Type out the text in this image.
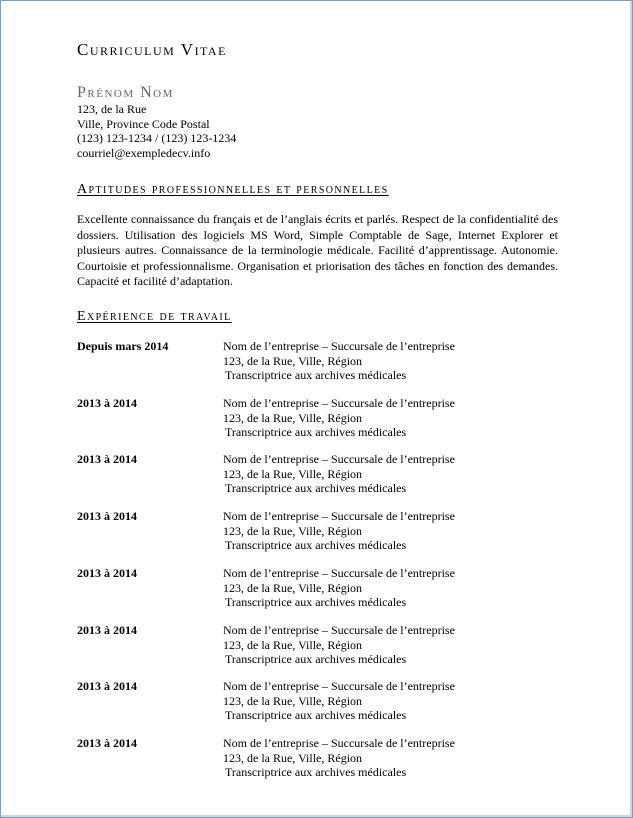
Curriculum Vitae
Prénom Nom
123, de la Rue
Ville, Province Code Postal
(123) 123-1234 / (123) 123-1234
courriel@exempledecv.info
Aptitudes professionnelles et personnelles
Excellente connaissance du français et de l’anglais écrits et parlés. Respect de la confidentialité des dossiers. Utilisation des logiciels MS Word, Simple Comptable de Sage, Internet Explorer et plusieurs autres. Connaissance de la terminologie médicale. Facilité d’apprentissage. Autonomie. Courtoisie et professionnalisme. Organisation et priorisation des tâches en fonction des demandes. Capacité et facilité d’adaptation.
Expérience de travail
Depuis mars 2014	Nom de l’entreprise – Succursale de l’entreprise
123, de la Rue, Ville, Région
Transcriptrice aux archives médicales
2013 à 2014	Nom de l’entreprise – Succursale de l’entreprise
123, de la Rue, Ville, Région
Transcriptrice aux archives médicales
2013 à 2014	Nom de l’entreprise – Succursale de l’entreprise
123, de la Rue, Ville, Région
Transcriptrice aux archives médicales
2013 à 2014	Nom de l’entreprise – Succursale de l’entreprise
123, de la Rue, Ville, Région
Transcriptrice aux archives médicales
2013 à 2014	Nom de l’entreprise – Succursale de l’entreprise
123, de la Rue, Ville, Région
Transcriptrice aux archives médicales
2013 à 2014	Nom de l’entreprise – Succursale de l’entreprise
123, de la Rue, Ville, Région
Transcriptrice aux archives médicales
2013 à 2014	Nom de l’entreprise – Succursale de l’entreprise
123, de la Rue, Ville, Région
Transcriptrice aux archives médicales
2013 à 2014	Nom de l’entreprise – Succursale de l’entreprise
123, de la Rue, Ville, Région
Transcriptrice aux archives médicales
